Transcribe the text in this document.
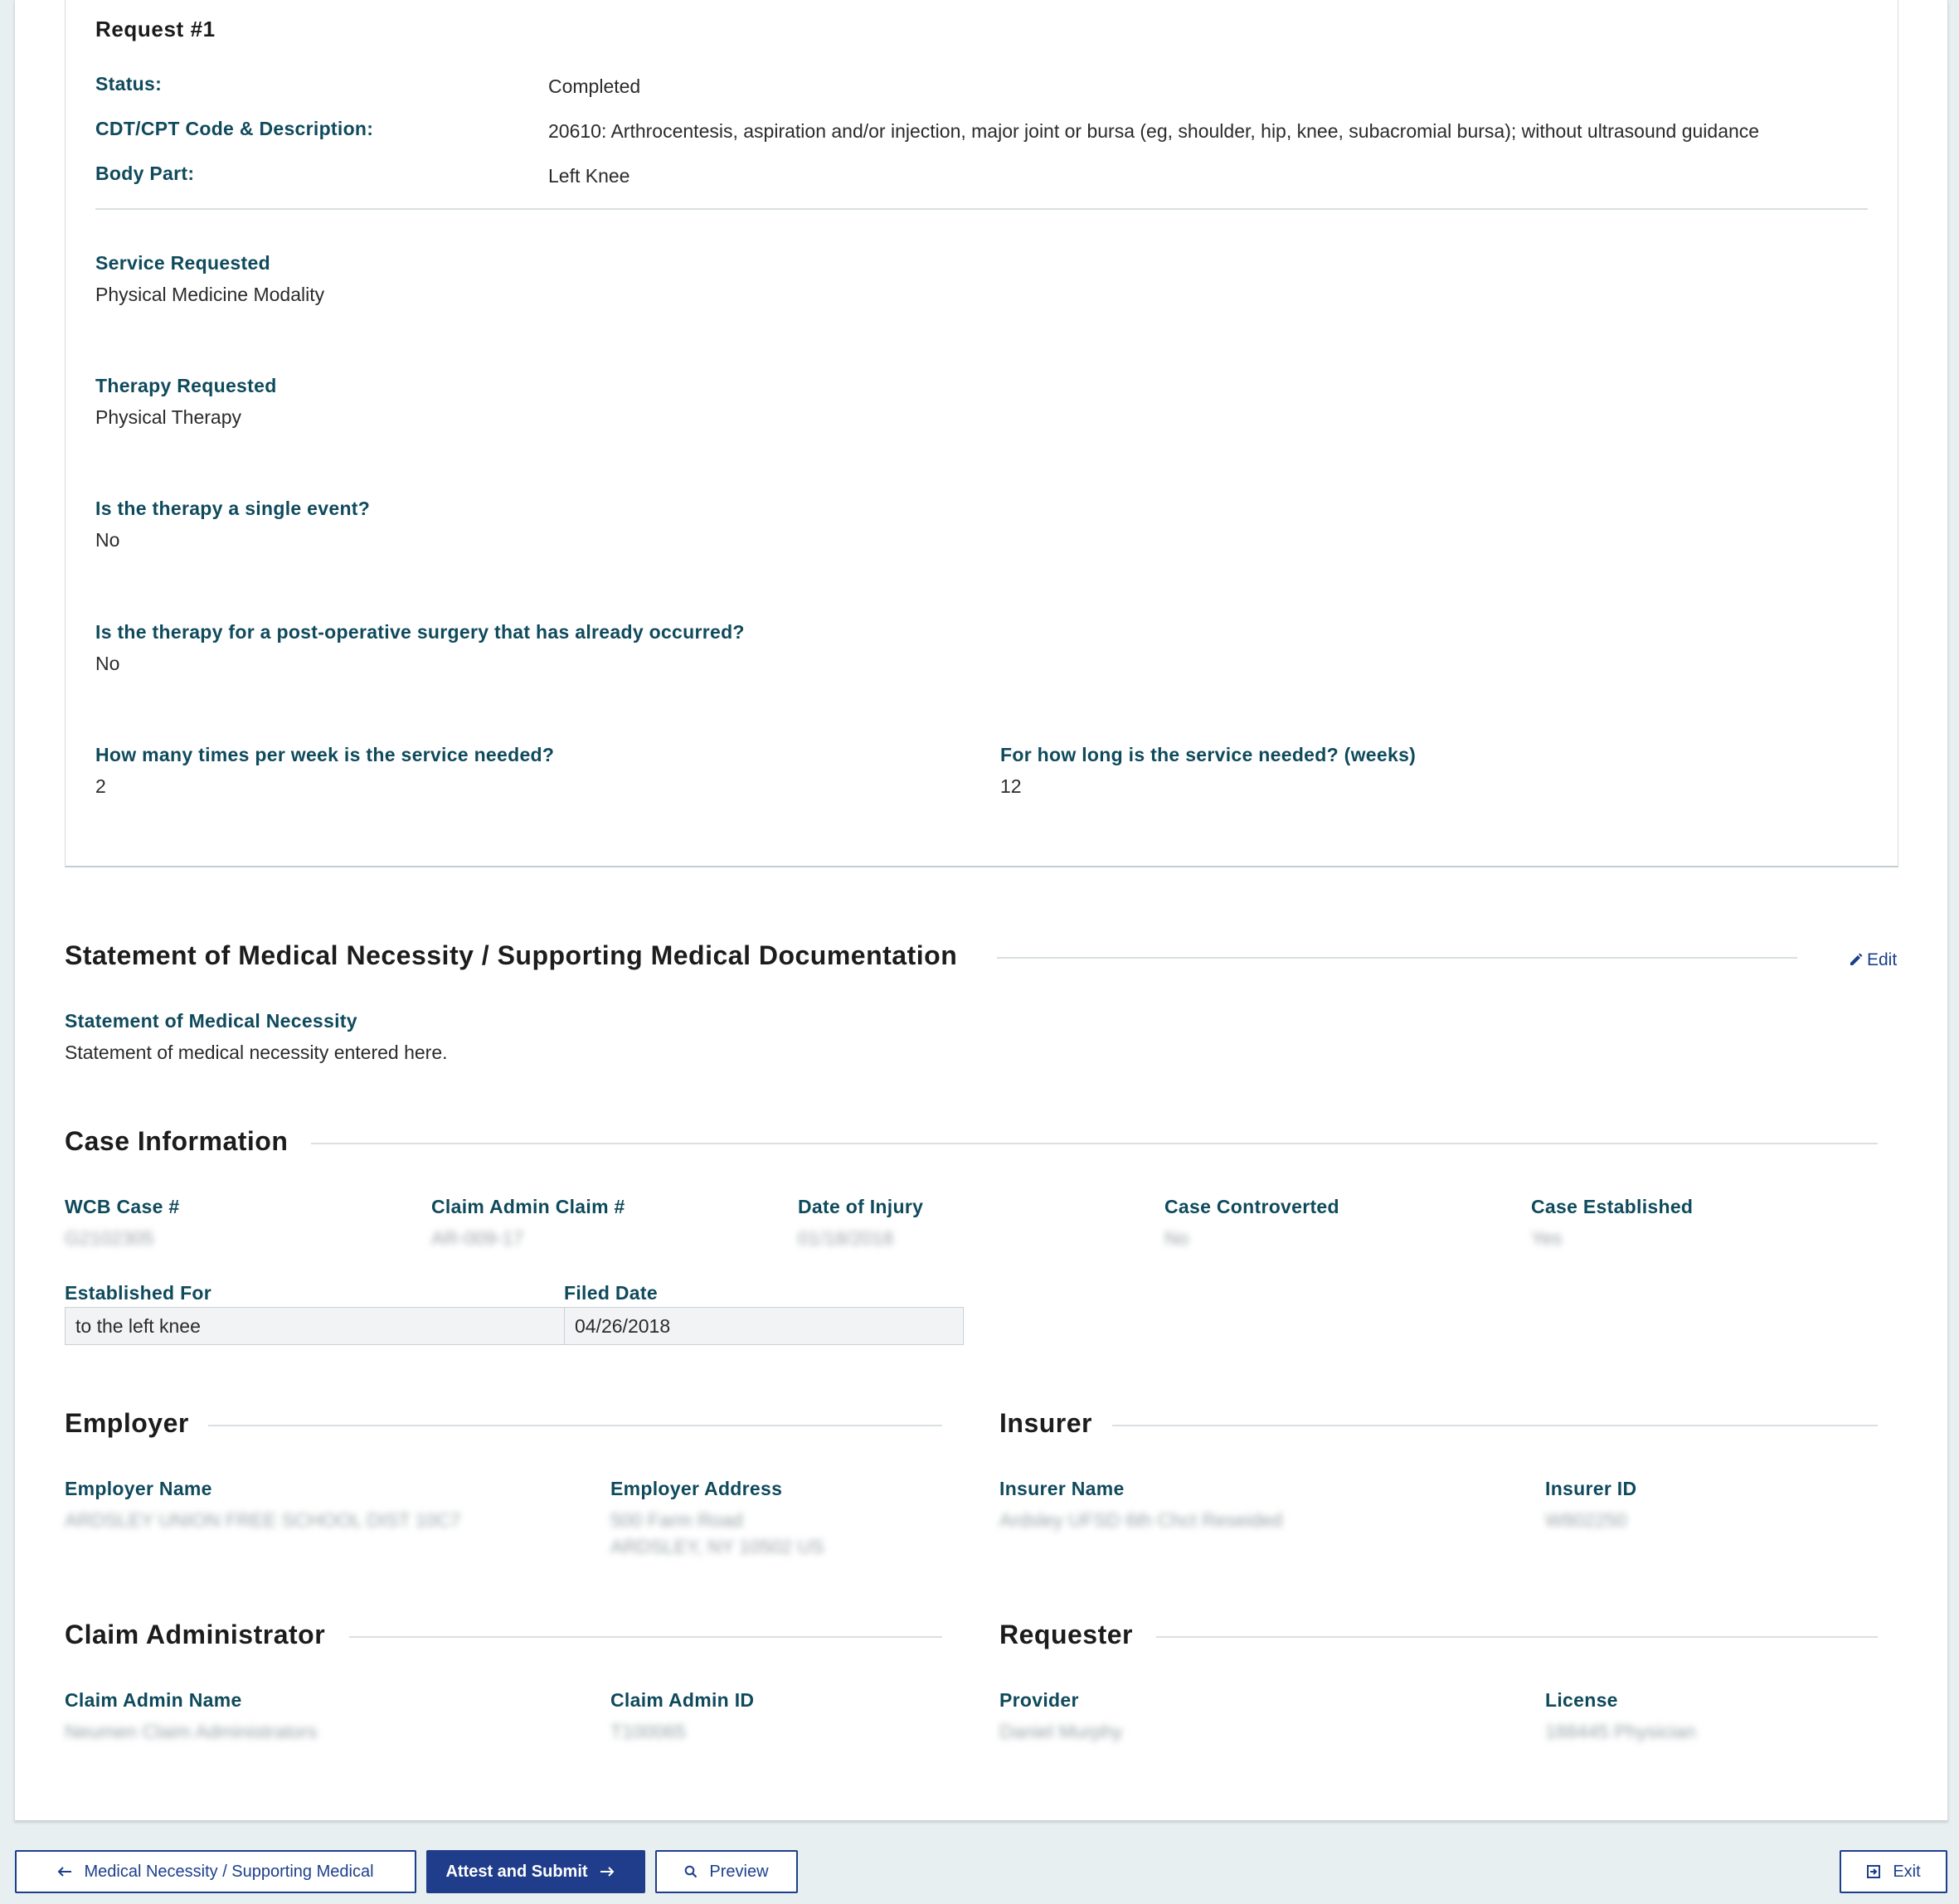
Request #1
Status:	Completed
CDT/CPT Code & Description:	20610: Arthrocentesis, aspiration and/or injection, major joint or bursa (eg, shoulder, hip, knee, subacromial bursa); without ultrasound guidance
Body Part:	Left Knee
Service Requested
Physical Medicine Modality
Therapy Requested
Physical Therapy
Is the therapy a single event?
No
Is the therapy for a post-operative surgery that has already occurred?
No
How many times per week is the service needed?
2
For how long is the service needed? (weeks)
12
Statement of Medical Necessity / Supporting Medical Documentation	Edit
Statement of Medical Necessity
Statement of medical necessity entered here.
Case Information
WCB Case #
G2102305
Claim Admin Claim #
AR-009-17
Date of Injury
01/18/2018
Case Controverted
No
Case Established
Yes
Established For	Filed Date
to the left knee	04/26/2018
Employer
Employer Name
ARDSLEY UNION FREE SCHOOL DIST 10C7
Employer Address
500 Farm Road
ARDSLEY, NY 10502 US
Insurer
Insurer Name
Ardsley UFSD 6th Chct Reseided
Insurer ID
W802250
Claim Administrator
Claim Admin Name
Neumen Claim Administrators
Claim Admin ID
T100065
Requester
Provider
Daniel Murphy
License
188445 Physician
Medical Necessity / Supporting Medical	Attest and Submit	Preview	Exit
